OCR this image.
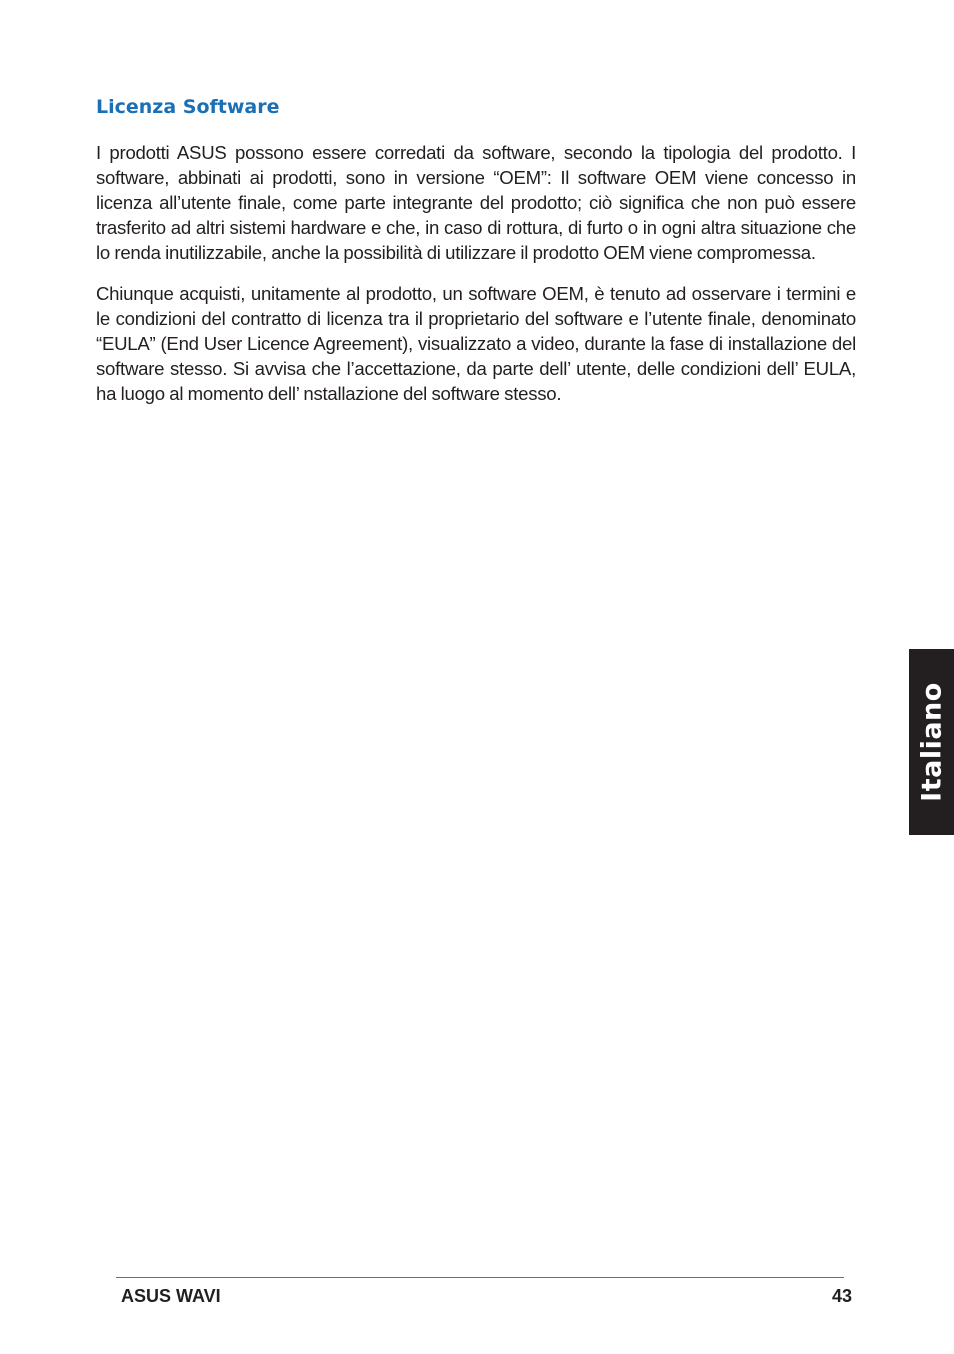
Licenza Software

I prodotti ASUS possono essere corredati da software, secondo la tipologia del prodotto. I software, abbinati ai prodotti, sono in versione “OEM”: Il software OEM viene concesso in licenza all’utente finale, come parte integrante del prodotto; ciò significa che non può essere trasferito ad altri sistemi hardware e che, in caso di rottura, di furto o in ogni altra situazione che lo renda inutilizzabile, anche la possibilità di utilizzare il prodotto OEM viene compromessa.

Chiunque acquisti, unitamente al prodotto, un software OEM, è tenuto ad osservare i termini e le condizioni del contratto di licenza tra il proprietario del software e l’utente finale, denominato “EULA” (End User Licence Agreement), visualizzato a video, durante la fase di installazione del software stesso. Si avvisa che l’accettazione, da parte dell’ utente, delle condizioni dell’ EULA, ha luogo al momento dell’ nstallazione del software stesso.

Italiano
ASUS WAVI	43
